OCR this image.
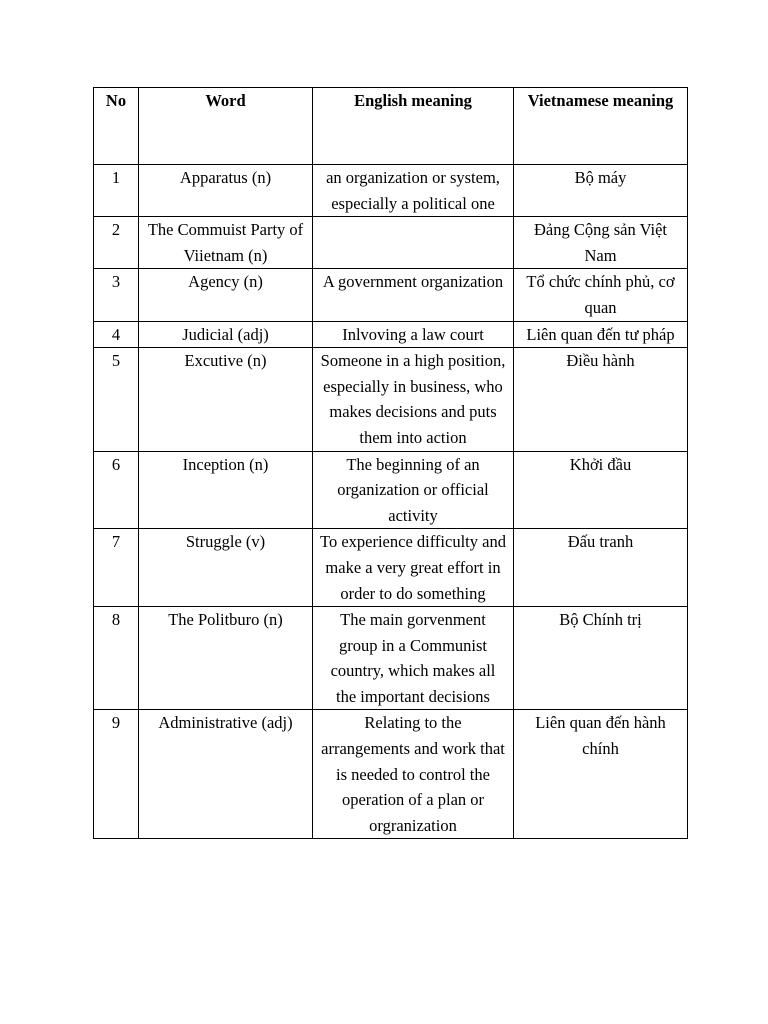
No	Word	English meaning	Vietnamese meaning
1	Apparatus (n)	an organization or system, especially a political one	Bộ máy
2	The Commuist Party of Viietnam (n)		Đảng Cộng sản Việt Nam
3	Agency (n)	A government organization	Tổ chức chính phủ, cơ quan
4	Judicial (adj)	Inlvoving a law court	Liên quan đến tư pháp
5	Excutive (n)	Someone in a high position, especially in business, who makes decisions and puts them into action	Điều hành
6	Inception (n)	The beginning of an organization or official activity	Khởi đầu
7	Struggle (v)	To experience difficulty and make a very great effort in order to do something	Đấu tranh
8	The Politburo (n)	The main gorvenment group in a Communist country, which makes all the important decisions	Bộ Chính trị
9	Administrative (adj)	Relating to the arrangements and work that is needed to control the operation of a plan or orgranization	Liên quan đến hành chính
